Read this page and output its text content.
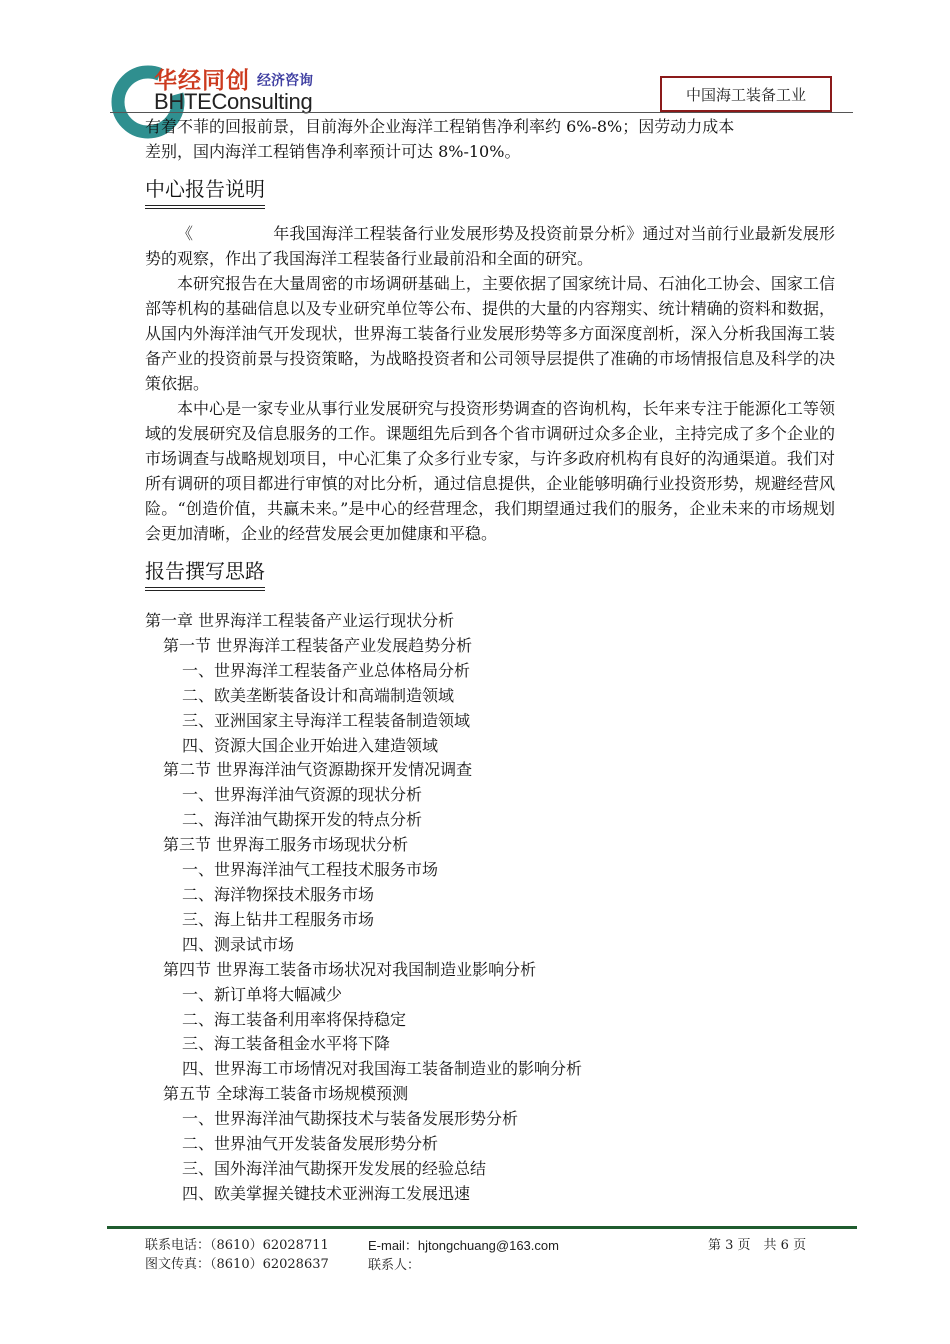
华经同创 经济咨询
BHTEConsulting	中国海工装备工业

有着不菲的回报前景，目前海外企业海洋工程销售净利率约 6%-8%；因劳动力成本

差别，国内海洋工程销售净利率预计可达 8%-10%。

中心报告说明

《　　　　　年我国海洋工程装备行业发展形势及投资前景分析》通过对当前行业最新发展形势的观察，作出了我国海洋工程装备行业最前沿和全面的研究。

本研究报告在大量周密的市场调研基础上，主要依据了国家统计局、石油化工协会、国家工信部等机构的基础信息以及专业研究单位等公布、提供的大量的内容翔实、统计精确的资料和数据，从国内外海洋油气开发现状，世界海工装备行业发展形势等多方面深度剖析，深入分析我国海工装备产业的投资前景与投资策略，为战略投资者和公司领导层提供了准确的市场情报信息及科学的决策依据。

本中心是一家专业从事行业发展研究与投资形势调查的咨询机构，长年来专注于能源化工等领域的发展研究及信息服务的工作。课题组先后到各个省市调研过众多企业，主持完成了多个企业的市场调查与战略规划项目，中心汇集了众多行业专家，与许多政府机构有良好的沟通渠道。我们对所有调研的项目都进行审慎的对比分析，通过信息提供，企业能够明确行业投资形势，规避经营风险。“创造价值，共赢未来。”是中心的经营理念，我们期望通过我们的服务，企业未来的市场规划会更加清晰，企业的经营发展会更加健康和平稳。

报告撰写思路
第一章 世界海洋工程装备产业运行现状分析
第一节 世界海洋工程装备产业发展趋势分析
一、世界海洋工程装备产业总体格局分析
二、欧美垄断装备设计和高端制造领域
三、亚洲国家主导海洋工程装备制造领域
四、资源大国企业开始进入建造领域
第二节 世界海洋油气资源勘探开发情况调查
一、世界海洋油气资源的现状分析
二、海洋油气勘探开发的特点分析
第三节 世界海工服务市场现状分析
一、世界海洋油气工程技术服务市场
二、海洋物探技术服务市场
三、海上钻井工程服务市场
四、测录试市场
第四节 世界海工装备市场状况对我国制造业影响分析
一、新订单将大幅减少
二、海工装备利用率将保持稳定
三、海工装备租金水平将下降
四、世界海工市场情况对我国海工装备制造业的影响分析
第五节 全球海工装备市场规模预测
一、世界海洋油气勘探技术与装备发展形势分析
二、世界油气开发装备发展形势分析
三、国外海洋油气勘探开发发展的经验总结
四、欧美掌握关键技术亚洲海工发展迅速
联系电话：（8610）62028711
图文传真：（8610）62028637
E-mail：hjtongchuang@163.com
联系人：
第 3 页　共 6 页
